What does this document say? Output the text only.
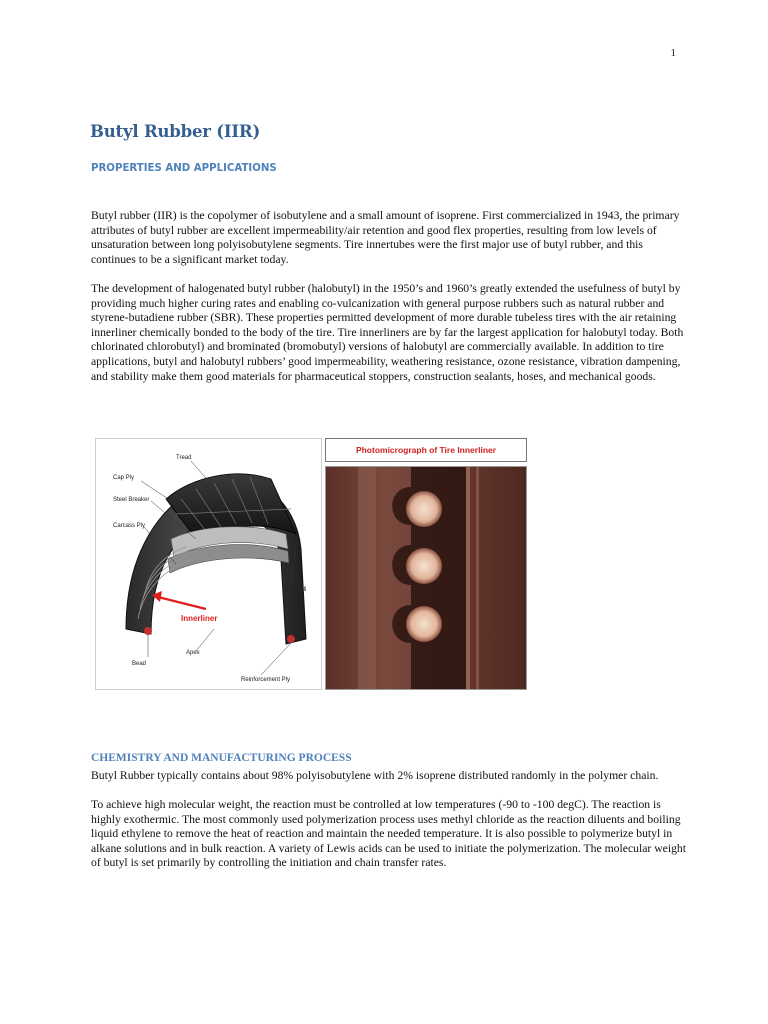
1
Butyl Rubber (IIR)
PROPERTIES AND APPLICATIONS

Butyl rubber (IIR) is the copolymer of isobutylene and a small amount of isoprene. First commercialized in 1943, the primary attributes of butyl rubber are excellent impermeability/air retention and good flex properties, resulting from low levels of unsaturation between long polyisobutylene segments. Tire innertubes were the first major use of butyl rubber, and this continues to be a significant market today.

The development of halogenated butyl rubber (halobutyl) in the 1950’s and 1960’s greatly extended the usefulness of butyl by providing much higher curing rates and enabling co-vulcanization with general purpose rubbers such as natural rubber and styrene-butadiene rubber (SBR). These properties permitted development of more durable tubeless tires with the air retaining innerliner chemically bonded to the body of the tire. Tire innerliners are by far the largest application for halobutyl today. Both chlorinated chlorobutyl) and brominated (bromobutyl) versions of halobutyl are commercially available. In addition to tire applications, butyl and halobutyl rubbers’ good impermeability, weathering resistance, ozone resistance, vibration dampening, and stability make them good materials for pharmaceutical stoppers, construction sealants, hoses, and mechanical goods.

Tread
Cap Ply
Steel Breaker
Carcass Ply
Sidewall
Innerliner
Apex
Bead
Reinforcement Ply
Photomicrograph of Tire Innerliner
CHEMISTRY AND MANUFACTURING PROCESS

Butyl Rubber typically contains about 98% polyisobutylene with 2% isoprene distributed randomly in the polymer chain.

To achieve high molecular weight, the reaction must be controlled at low temperatures (-90 to -100 degC). The reaction is highly exothermic. The most commonly used polymerization process uses methyl chloride as the reaction diluents and boiling liquid ethylene to remove the heat of reaction and maintain the needed temperature. It is also possible to polymerize butyl in alkane solutions and in bulk reaction. A variety of Lewis acids can be used to initiate the polymerization. The molecular weight of butyl is set primarily by controlling the initiation and chain transfer rates.
